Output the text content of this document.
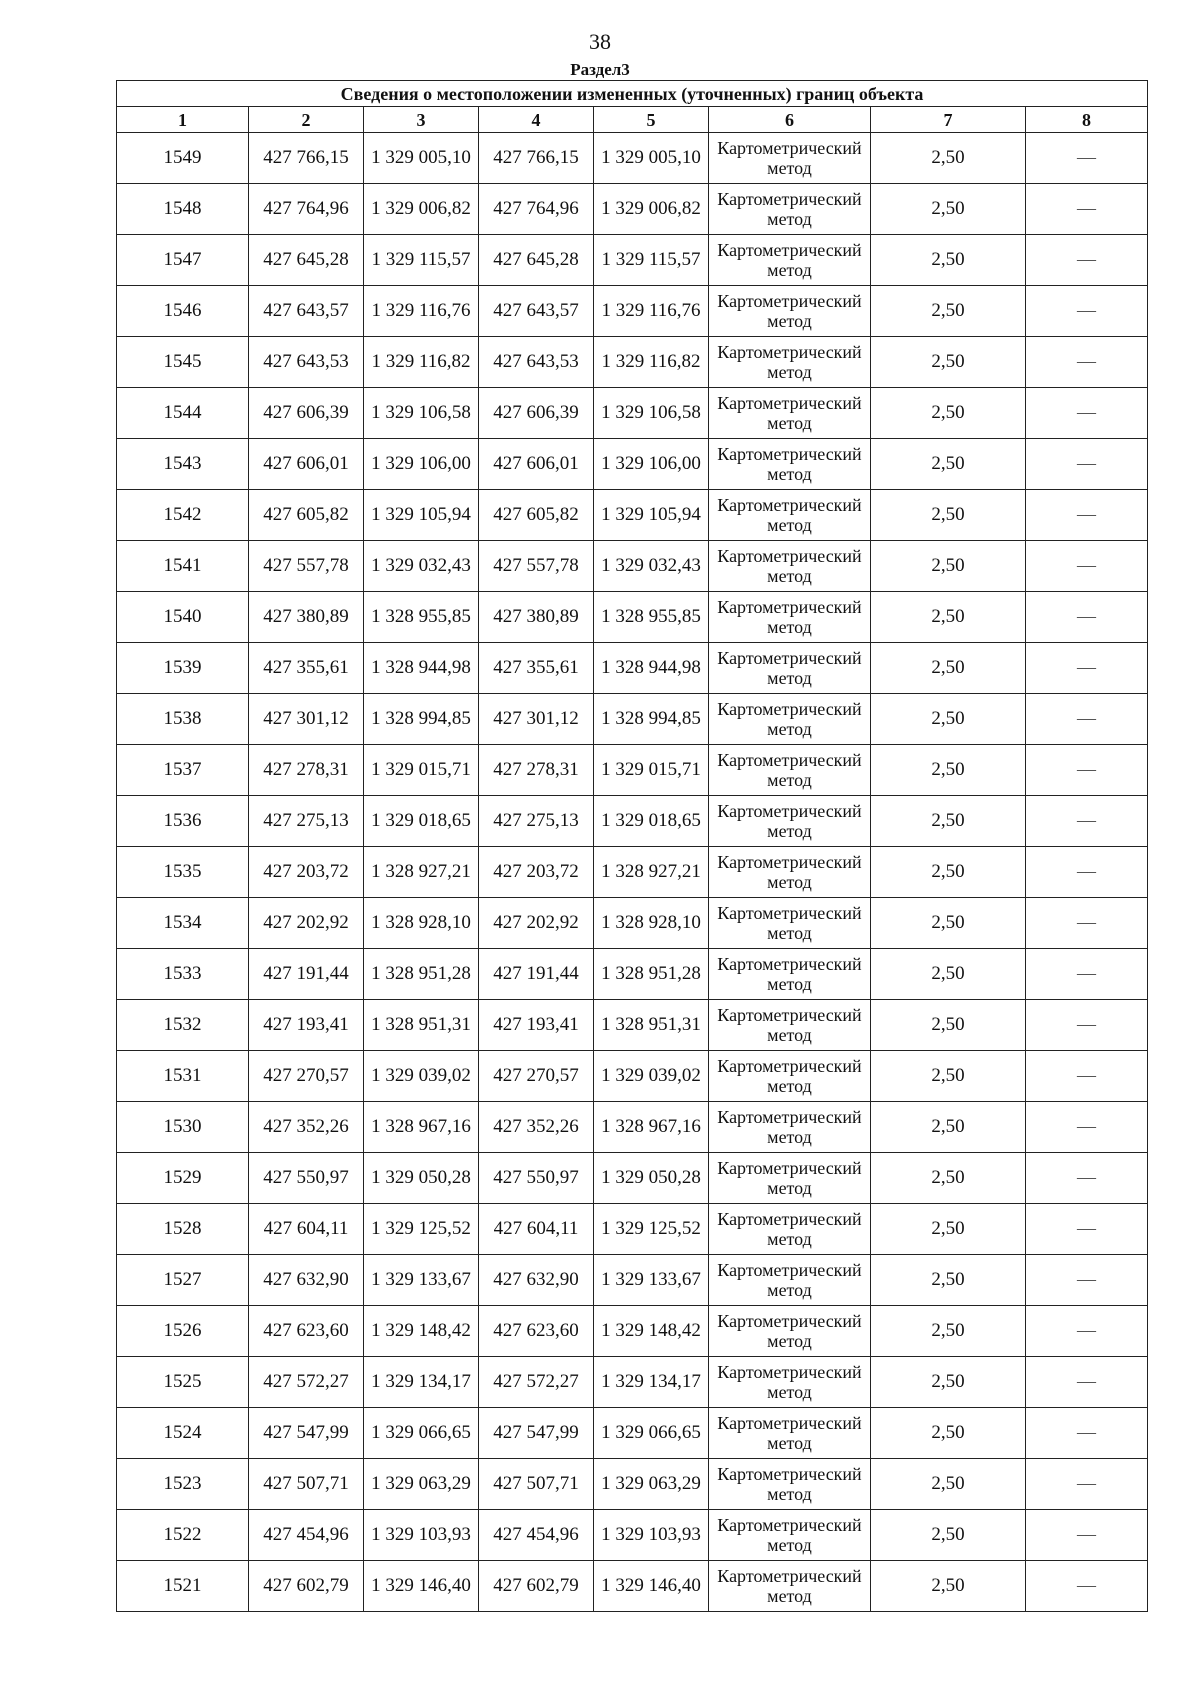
38
Раздел3
Сведения о местоположении измененных (уточненных) границ объекта							
1	2	3	4	5	6	7	8
1549	427 766,15	1 329 005,10	427 766,15	1 329 005,10	Картометрический метод	2,50	—
1548	427 764,96	1 329 006,82	427 764,96	1 329 006,82	Картометрический метод	2,50	—
1547	427 645,28	1 329 115,57	427 645,28	1 329 115,57	Картометрический метод	2,50	—
1546	427 643,57	1 329 116,76	427 643,57	1 329 116,76	Картометрический метод	2,50	—
1545	427 643,53	1 329 116,82	427 643,53	1 329 116,82	Картометрический метод	2,50	—
1544	427 606,39	1 329 106,58	427 606,39	1 329 106,58	Картометрический метод	2,50	—
1543	427 606,01	1 329 106,00	427 606,01	1 329 106,00	Картометрический метод	2,50	—
1542	427 605,82	1 329 105,94	427 605,82	1 329 105,94	Картометрический метод	2,50	—
1541	427 557,78	1 329 032,43	427 557,78	1 329 032,43	Картометрический метод	2,50	—
1540	427 380,89	1 328 955,85	427 380,89	1 328 955,85	Картометрический метод	2,50	—
1539	427 355,61	1 328 944,98	427 355,61	1 328 944,98	Картометрический метод	2,50	—
1538	427 301,12	1 328 994,85	427 301,12	1 328 994,85	Картометрический метод	2,50	—
1537	427 278,31	1 329 015,71	427 278,31	1 329 015,71	Картометрический метод	2,50	—
1536	427 275,13	1 329 018,65	427 275,13	1 329 018,65	Картометрический метод	2,50	—
1535	427 203,72	1 328 927,21	427 203,72	1 328 927,21	Картометрический метод	2,50	—
1534	427 202,92	1 328 928,10	427 202,92	1 328 928,10	Картометрический метод	2,50	—
1533	427 191,44	1 328 951,28	427 191,44	1 328 951,28	Картометрический метод	2,50	—
1532	427 193,41	1 328 951,31	427 193,41	1 328 951,31	Картометрический метод	2,50	—
1531	427 270,57	1 329 039,02	427 270,57	1 329 039,02	Картометрический метод	2,50	—
1530	427 352,26	1 328 967,16	427 352,26	1 328 967,16	Картометрический метод	2,50	—
1529	427 550,97	1 329 050,28	427 550,97	1 329 050,28	Картометрический метод	2,50	—
1528	427 604,11	1 329 125,52	427 604,11	1 329 125,52	Картометрический метод	2,50	—
1527	427 632,90	1 329 133,67	427 632,90	1 329 133,67	Картометрический метод	2,50	—
1526	427 623,60	1 329 148,42	427 623,60	1 329 148,42	Картометрический метод	2,50	—
1525	427 572,27	1 329 134,17	427 572,27	1 329 134,17	Картометрический метод	2,50	—
1524	427 547,99	1 329 066,65	427 547,99	1 329 066,65	Картометрический метод	2,50	—
1523	427 507,71	1 329 063,29	427 507,71	1 329 063,29	Картометрический метод	2,50	—
1522	427 454,96	1 329 103,93	427 454,96	1 329 103,93	Картометрический метод	2,50	—
1521	427 602,79	1 329 146,40	427 602,79	1 329 146,40	Картометрический метод	2,50	—
